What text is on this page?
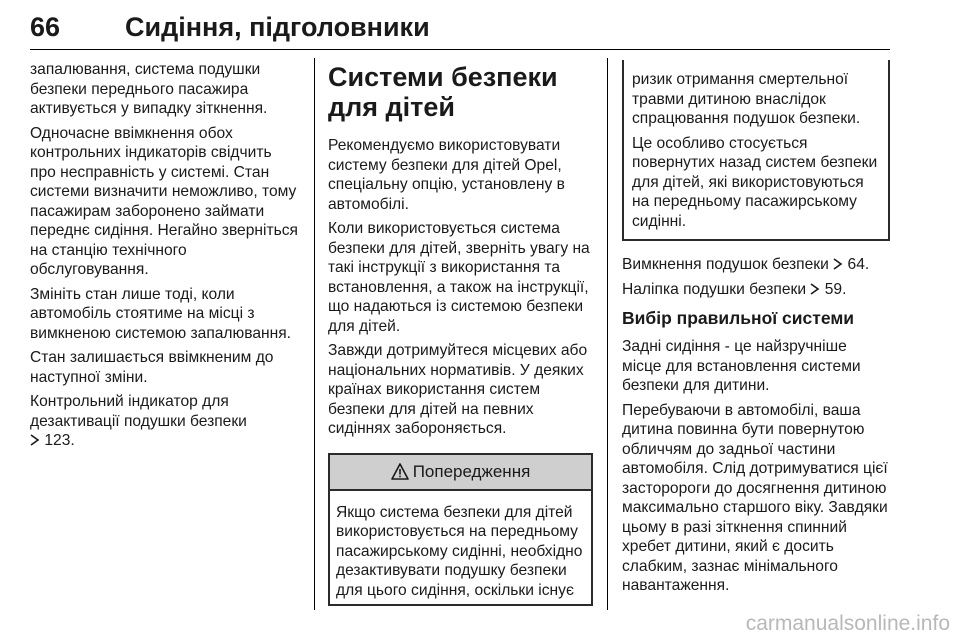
66 Сидіння, підголовники

запалювання, система подушки безпеки переднього пасажира активується у випадку зіткнення.

Одночасне ввімкнення обох контрольних індикаторів свідчить про несправність у системі. Стан системи визначити неможливо, тому пасажирам заборонено займати переднє сидіння. Негайно зверніться на станцію технічного обслуговування.

Змініть стан лише тоді, коли автомобіль стоятиме на місці з вимкненою системою запалювання.

Стан залишається ввімкненим до наступної зміни.

Контрольний індикатор для дезактивації подушки безпеки
123.

Системи безпеки для дітей

Рекомендуємо використовувати систему безпеки для дітей Opel, спеціальну опцію, установлену в автомобілі.

Коли використовується система безпеки для дітей, зверніть увагу на такі інструкції з використання та встановлення, а також на інструкції, що надаються із системою безпеки для дітей.

Завжди дотримуйтеся місцевих або національних нормативів. У деяких країнах використання систем безпеки для дітей на певних сидіннях забороняється.

Попередження
Якщо система безпеки для дітей використовується на передньому пасажирському сидінні, необхідно дезактивувати подушку безпеки для цього сидіння, оскільки існує

ризик отримання смертельної травми дитиною внаслідок спрацювання подушок безпеки.

Це особливо стосується повернутих назад систем безпеки для дітей, які використовуються на передньому пасажирському сидінні.

Вимкнення подушок безпеки 64.

Наліпка подушки безпеки 59.

Вибір правильної системи

Задні сидіння - це найзручніше місце для встановлення системи безпеки для дитини.

Перебуваючи в автомобілі, ваша дитина повинна бути повернутою обличчям до задньої частини автомобіля. Слід дотримуватися цієї засторороги до досягнення дитиною максимально старшого віку. Завдяки цьому в разі зіткнення спинний хребет дитини, який є досить слабким, зазнає мінімального навантаження.

carmanualsonline.info
